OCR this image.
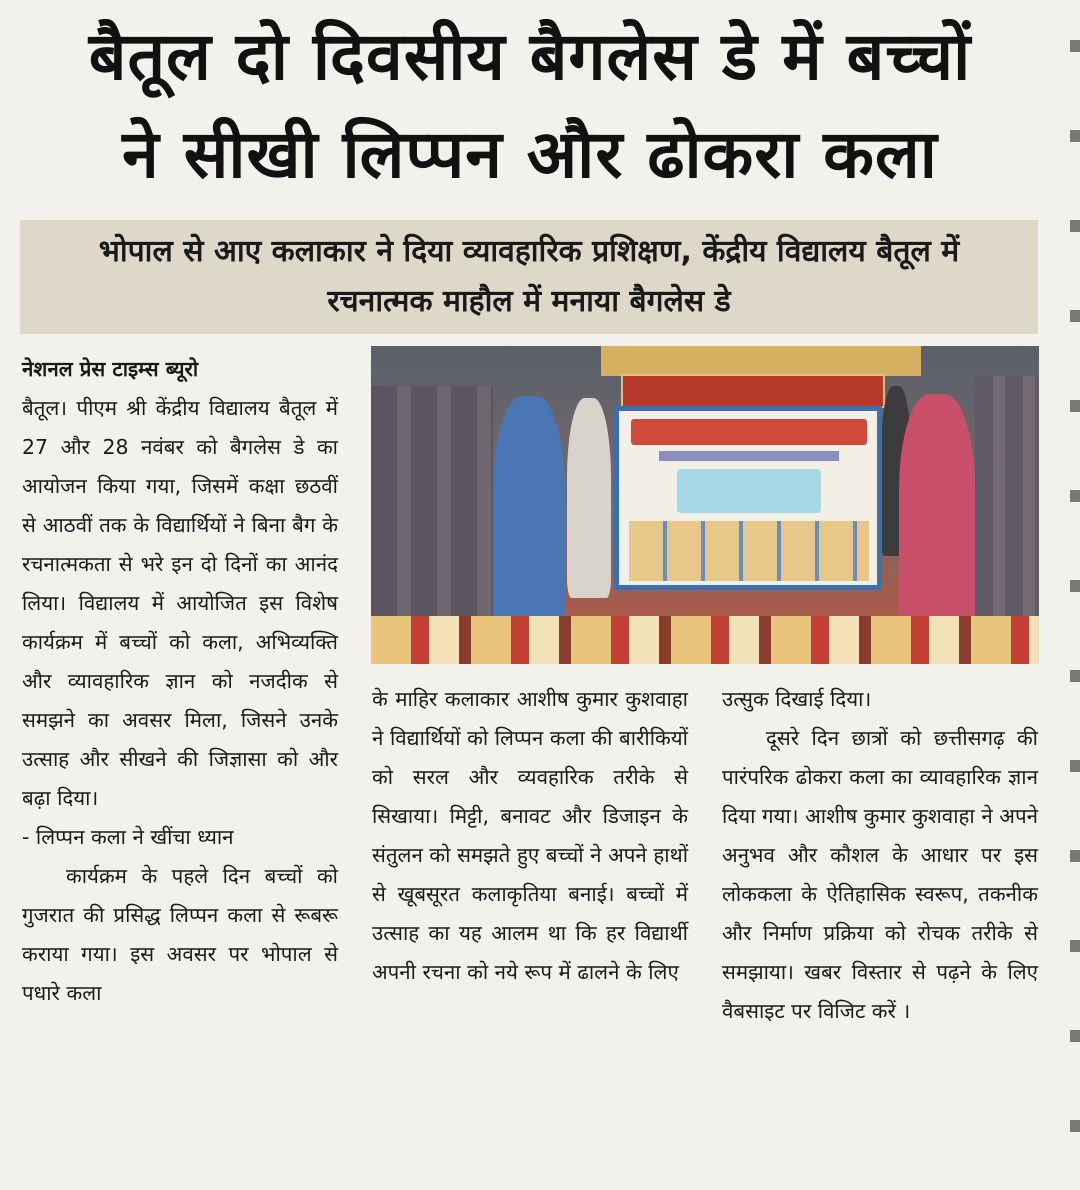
बैतूल दो दिवसीय बैगलेस डे में बच्चों
ने सीखी लिप्पन और ढोकरा कला
भोपाल से आए कलाकार ने दिया व्यावहारिक प्रशिक्षण, केंद्रीय विद्यालय बैतूल में
रचनात्मक माहौल में मनाया बैगलेस डे

नेशनल प्रेस टाइम्स ब्यूरो

बैतूल। पीएम श्री केंद्रीय विद्यालय बैतूल में 27 और 28 नवंबर को बैगलेस डे का आयोजन किया गया, जिसमें कक्षा छठवीं से आठवीं तक के विद्यार्थियों ने बिना बैग के रचनात्मकता से भरे इन दो दिनों का आनंद लिया। विद्यालय में आयोजित इस विशेष कार्यक्रम में बच्चों को कला, अभिव्यक्ति और व्यावहारिक ज्ञान को नजदीक से समझने का अवसर मिला, जिसने उनके उत्साह और सीखने की जिज्ञासा को और बढ़ा दिया।

- लिप्पन कला ने खींचा ध्यान

कार्यक्रम के पहले दिन बच्चों को गुजरात की प्रसिद्ध लिप्पन कला से रूबरू कराया गया। इस अवसर पर भोपाल से पधारे कला

के माहिर कलाकार आशीष कुमार कुशवाहा ने विद्यार्थियों को लिप्पन कला की बारीकियों को सरल और व्यवहारिक तरीके से सिखाया। मिट्टी, बनावट और डिजाइन के संतुलन को समझते हुए बच्चों ने अपने हाथों से खूबसूरत कलाकृतिया बनाई। बच्चों में उत्साह का यह आलम था कि हर विद्यार्थी अपनी रचना को नये रूप में ढालने के लिए

उत्सुक दिखाई दिया।

दूसरे दिन छात्रों को छत्तीसगढ़ की पारंपरिक ढोकरा कला का व्यावहारिक ज्ञान दिया गया। आशीष कुमार कुशवाहा ने अपने अनुभव और कौशल के आधार पर इस लोककला के ऐतिहासिक स्वरूप, तकनीक और निर्माण प्रक्रिया को रोचक तरीके से समझाया। खबर विस्तार से पढ़ने के लिए वैबसाइट पर विजिट करें ।
